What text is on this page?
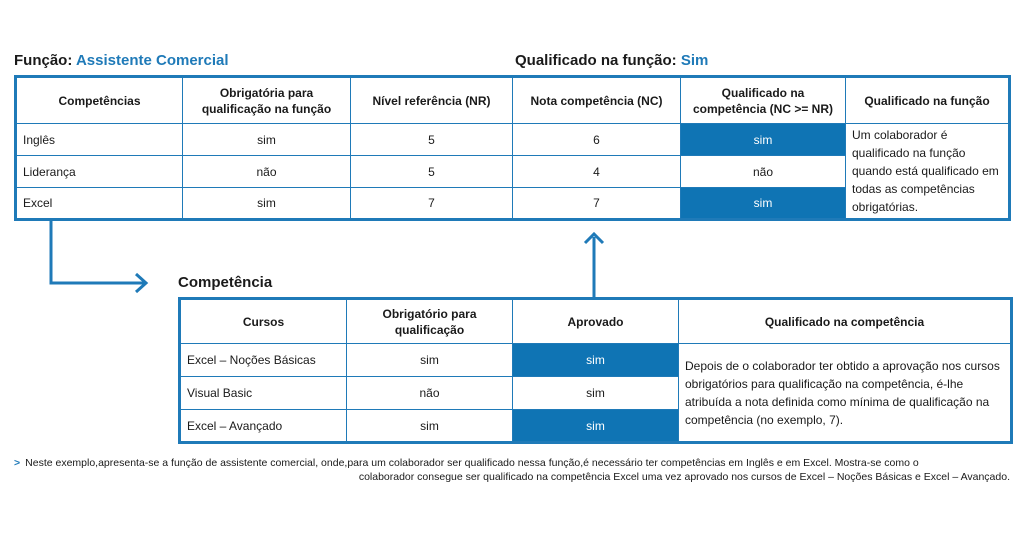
Função: Assistente Comercial	Qualificado na função: Sim
Competências	Obrigatória para qualificação na função	Nível referência (NR)	Nota competência (NC)	Qualificado na competência (NC >= NR)	Qualificado na função
Inglês	sim	5	6	sim	Um colaborador é qualificado na função quando está qualificado em todas as competências obrigatórias.
Liderança	não	5	4	não	
Excel	sim	7	7	sim	
Competência
Cursos	Obrigatório para qualificação	Aprovado	Qualificado na competência
Excel – Noções Básicas	sim	sim	Depois de o colaborador ter obtido a aprovação nos cursos obrigatórios para qualificação na competência, é-lhe atribuída a nota definida como mínima de qualificação na competência (no exemplo, 7).
Visual Basic	não	sim	
Excel – Avançado	sim	sim	
> Neste exemplo,apresenta-se a função de assistente comercial, onde,para um colaborador ser qualificado nessa função,é necessário ter competências em Inglês e em Excel. Mostra-se como o
colaborador consegue ser qualificado na competência Excel uma vez aprovado nos cursos de Excel – Noções Básicas e Excel – Avançado.
